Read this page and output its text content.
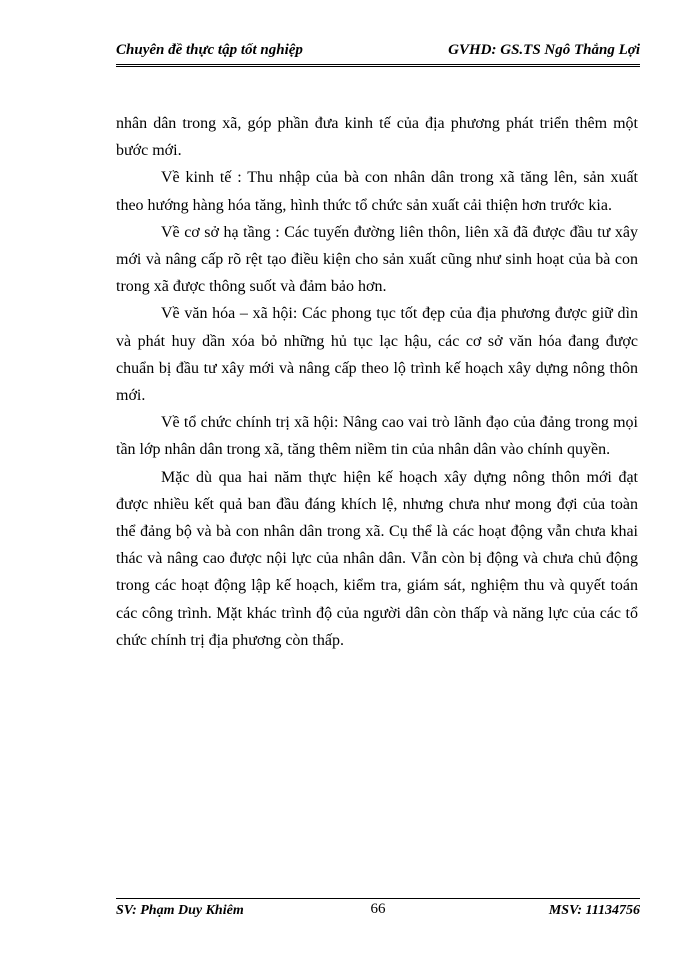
Chuyên đề thực tập tốt nghiệp	GVHD: GS.TS Ngô Thắng Lợi

nhân dân trong xã, góp phần đưa kinh tế của địa phương phát triển thêm một bước mới.

Về kinh tế : Thu nhập của bà con nhân dân trong xã tăng lên, sản xuất theo hướng hàng hóa tăng, hình thức tổ chức sản xuất cải thiện hơn trước kia.

Về cơ sở hạ tầng : Các tuyến đường liên thôn, liên xã đã được đầu tư xây mới và nâng cấp rõ rệt tạo điều kiện cho sản xuất cũng như sinh hoạt của bà con trong xã được thông suốt và đảm bảo hơn.

Về văn hóa – xã hội: Các phong tục tốt đẹp của địa phương được giữ dìn và phát huy dần xóa bỏ những hủ tục lạc hậu, các cơ sở văn hóa đang được chuẩn bị đầu tư xây mới và nâng cấp theo lộ trình kế hoạch xây dựng nông thôn mới.

Về tổ chức chính trị xã hội: Nâng cao vai trò lãnh đạo của đảng trong mọi tần lớp nhân dân trong xã, tăng thêm niềm tin của nhân dân vào chính quyền.

Mặc dù qua hai năm thực hiện kế hoạch xây dựng nông thôn mới đạt được nhiều kết quả ban đầu đáng khích lệ, nhưng chưa như mong đợi của toàn thể đảng bộ và bà con nhân dân trong xã. Cụ thể là các hoạt động vẫn chưa khai thác và nâng cao được nội lực của nhân dân. Vẫn còn bị động và chưa chủ động trong các hoạt động lập kế hoạch, kiểm tra, giám sát, nghiệm thu và quyết toán các công trình. Mặt khác trình độ của người dân còn thấp và năng lực của các tổ chức chính trị địa phương còn thấp.

SV: Phạm Duy Khiêm	66	MSV: 11134756
